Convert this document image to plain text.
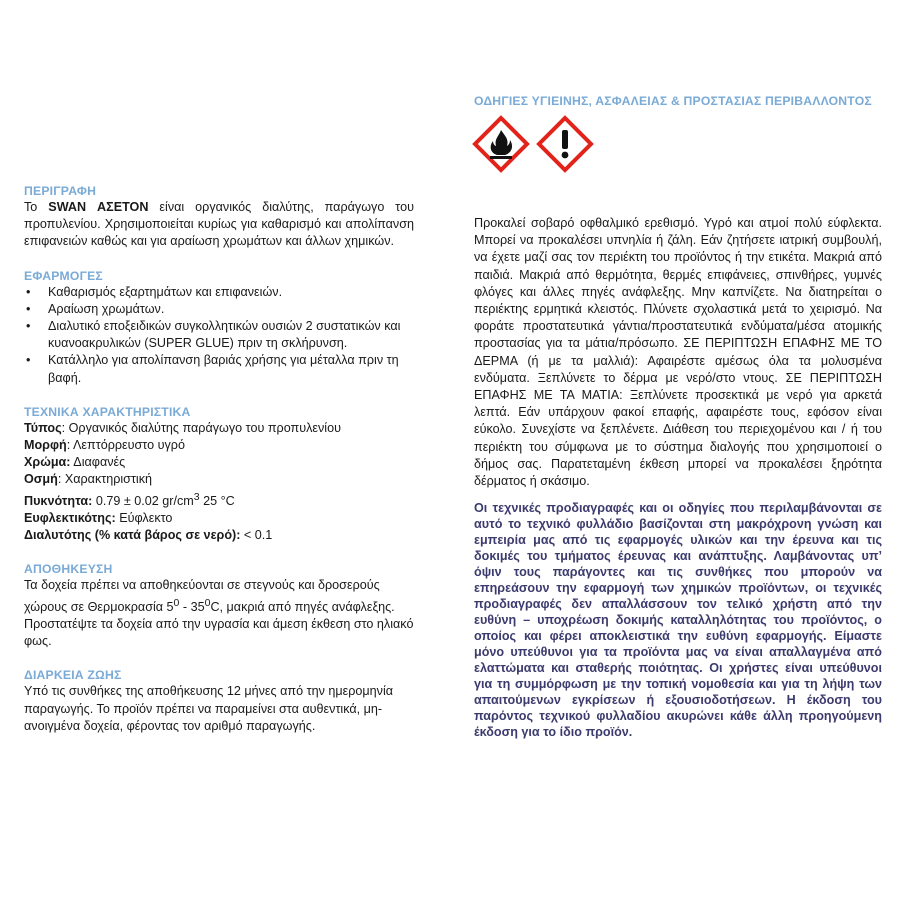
ΠΕΡΙΓΡΑΦΗ

Το SWAN ΑΣΕΤΟΝ είναι οργανικός διαλύτης, παράγωγο του προπυλενίου. Χρησιμοποιείται κυρίως για καθαρισμό και απολίπανση επιφανειών καθώς και για αραίωση χρωμάτων και άλλων χημικών.

ΕΦΑΡΜΟΓΕΣ
• Καθαρισμός εξαρτημάτων και επιφανειών.
• Αραίωση χρωμάτων.
• Διαλυτικό εποξειδικών συγκολλητικών ουσιών 2 συστατικών και κυανοακρυλικών (SUPER GLUE) πριν τη σκλήρυνση.
• Κατάλληλο για απολίπανση βαριάς χρήσης για μέταλλα πριν τη βαφή.
ΤΕΧΝΙΚΑ ΧΑΡΑΚΤΗΡΙΣΤΙΚΑ
Τύπος: Οργανικός διαλύτης παράγωγο του προπυλενίου
Μορφή: Λεπτόρρευστο υγρό
Χρώμα: Διαφανές
Οσμή: Χαρακτηριστική
Πυκνότητα: 0.79 ± 0.02 $gr/cm^3$ 25 °C
Ευφλεκτικότης: Εύφλεκτο
Διαλυτότης (% κατά βάρος σε νερό): < 0.1
ΑΠΟΘΗΚΕΥΣΗ

Τα δοχεία πρέπει να αποθηκεύονται σε στεγνούς και δροσερούς χώρους σε Θερμοκρασία $5^0 - 35^0C$, μακριά από πηγές ανάφλεξης. Προστατέψτε τα δοχεία από την υγρασία και άμεση έκθεση στο ηλιακό φως.

ΔΙΑΡΚΕΙΑ ΖΩΗΣ

Υπό τις συνθήκες της αποθήκευσης 12 μήνες από την ημερομηνία παραγωγής. Το προϊόν πρέπει να παραμείνει στα αυθεντικά, μη-ανοιγμένα δοχεία, φέροντας τον αριθμό παραγωγής.

ΟΔΗΓΙΕΣ ΥΓΙΕΙΝΗΣ, ΑΣΦΑΛΕΙΑΣ & ΠΡΟΣΤΑΣΙΑΣ ΠΕΡΙΒΑΛΛΟΝΤΟΣ

Προκαλεί σοβαρό οφθαλμικό ερεθισμό. Υγρό και ατμοί πολύ εύφλεκτα. Μπορεί να προκαλέσει υπνηλία ή ζάλη. Εάν ζητήσετε ιατρική συμβουλή, να έχετε μαζί σας τον περιέκτη του προϊόντος ή την ετικέτα. Μακριά από παιδιά. Μακριά από θερμότητα, θερμές επιφάνειες, σπινθήρες, γυμνές φλόγες και άλλες πηγές ανάφλεξης. Μην καπνίζετε. Να διατηρείται ο περιέκτης ερμητικά κλειστός. Πλύνετε σχολαστικά μετά το χειρισμό. Να φοράτε προστατευτικά γάντια/προστατευτικά ενδύματα/μέσα ατομικής προστασίας για τα μάτια/πρόσωπο. ΣΕ ΠΕΡΙΠΤΩΣΗ ΕΠΑΦΗΣ ΜΕ ΤΟ ΔΕΡΜΑ (ή με τα μαλλιά): Αφαιρέστε αμέσως όλα τα μολυσμένα ενδύματα. Ξεπλύνετε το δέρμα με νερό/στο ντους. ΣΕ ΠΕΡΙΠΤΩΣΗ ΕΠΑΦΗΣ ΜΕ ΤΑ ΜΑΤΙΑ: Ξεπλύνετε προσεκτικά με νερό για αρκετά λεπτά. Εάν υπάρχουν φακοί επαφής, αφαιρέστε τους, εφόσον είναι εύκολο. Συνεχίστε να ξεπλένετε. Διάθεση του περιεχομένου και / ή του περιέκτη του σύμφωνα με το σύστημα διαλογής που χρησιμοποιεί ο δήμος σας. Παρατεταμένη έκθεση μπορεί να προκαλέσει ξηρότητα δέρματος ή σκάσιμο.

Οι τεχνικές προδιαγραφές και οι οδηγίες που περιλαμβάνονται σε αυτό το τεχνικό φυλλάδιο βασίζονται στη μακρόχρονη γνώση και εμπειρία μας από τις εφαρμογές υλικών και την έρευνα και τις δοκιμές του τμήματος έρευνας και ανάπτυξης. Λαμβάνοντας υπ’ όψιν τους παράγοντες και τις συνθήκες που μπορούν να επηρεάσουν την εφαρμογή των χημικών προϊόντων, οι τεχνικές προδιαγραφές δεν απαλλάσσουν τον τελικό χρήστη από την ευθύνη – υποχρέωση δοκιμής καταλληλότητας του προϊόντος, ο οποίος και φέρει αποκλειστικά την ευθύνη εφαρμογής. Είμαστε μόνο υπεύθυνοι για τα προϊόντα μας να είναι απαλλαγμένα από ελαττώματα και σταθερής ποιότητας. Οι χρήστες είναι υπεύθυνοι για τη συμμόρφωση με την τοπική νομοθεσία και για τη λήψη των απαιτούμενων εγκρίσεων ή εξουσιοδοτήσεων. Η έκδοση του παρόντος τεχνικού φυλλαδίου ακυρώνει κάθε άλλη προηγούμενη έκδοση για το ίδιο προϊόν.
